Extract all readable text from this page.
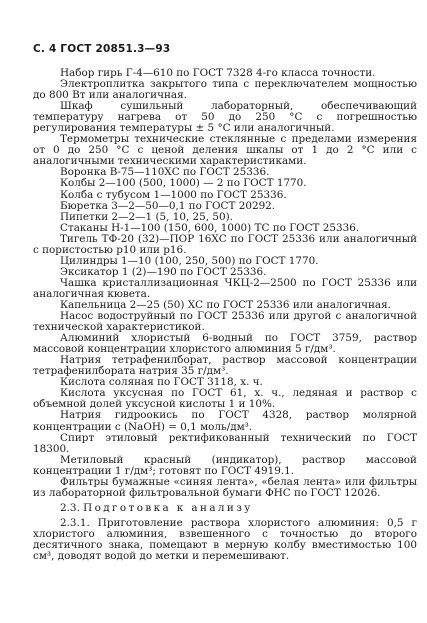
С. 4 ГОСТ 20851.3—93

Набор гирь Г-4—610 по ГОСТ 7328 4-го класса точности.

Электроплитка закрытого типа с переключателем мощностью до 800 Вт или аналогичная.

Шкаф сушильный лабораторный, обеспечивающий температуру нагрева от 50 до 250 °С с погрешностью регулирования температуры ± 5 °С или аналогичный.

Термометры технические стеклянные с пределами измерения от 0 до 250 °С с ценой деления шкалы от 1 до 2 °С или с аналогичными техническими характеристиками.

Воронка В-75—110ХС по ГОСТ 25336.

Колбы 2—100 (500, 1000) — 2 по ГОСТ 1770.

Колба с тубусом 1—1000 по ГОСТ 25336.

Бюретка 3—2—50—0,1 по ГОСТ 20292.

Пипетки 2—2—1 (5, 10, 25, 50).

Стаканы Н-1—100 (150, 600, 1000) ТС по ГОСТ 25336.

Тигель ТФ-20 (32)—ПОР 16ХС по ГОСТ 25336 или аналогичный с пористостью р10 или р16.

Цилиндры 1—10 (100, 250, 500) по ГОСТ 1770.

Эксикатор 1 (2)—190 по ГОСТ 25336.

Чашка кристаллизационная ЧКЦ-2—2500 по ГОСТ 25336 или аналогичная кювета.

Капельница 2—25 (50) ХС по ГОСТ 25336 или аналогичная.

Насос водоструйный по ГОСТ 25336 или другой с аналогичной технической характеристикой.

Алюминий хлористый 6-водный по ГОСТ 3759, раствор массовой концентрации хлористого алюминия 5 г/дм³.

Натрия тетрафенилборат, раствор массовой концентрации тетрафенилбората натрия 35 г/дм³.

Кислота соляная по ГОСТ 3118, х. ч.

Кислота уксусная по ГОСТ 61, х. ч., ледяная и раствор с объемной долей уксусной кислоты 1 и 10%.

Натрия гидроокись по ГОСТ 4328, раствор молярной концентрации с (NaOH) = 0,1 моль/дм³.

Спирт этиловый ректификованный технический по ГОСТ 18300.

Метиловый красный (индикатор), раствор массовой концентрации 1 г/дм³; готовят по ГОСТ 4919.1.

Фильтры бумажные «синяя лента», «белая лента» или фильтры из лабораторной фильтровальной бумаги ФНС по ГОСТ 12026.

2.3. Подготовка к анализу

2.3.1. Приготовление раствора хлористого алюминия: 0,5 г хлористого алюминия, взвешенного с точностью до второго десятичного знака, помещают в мерную колбу вместимостью 100 см³, доводят водой до метки и перемешивают.
